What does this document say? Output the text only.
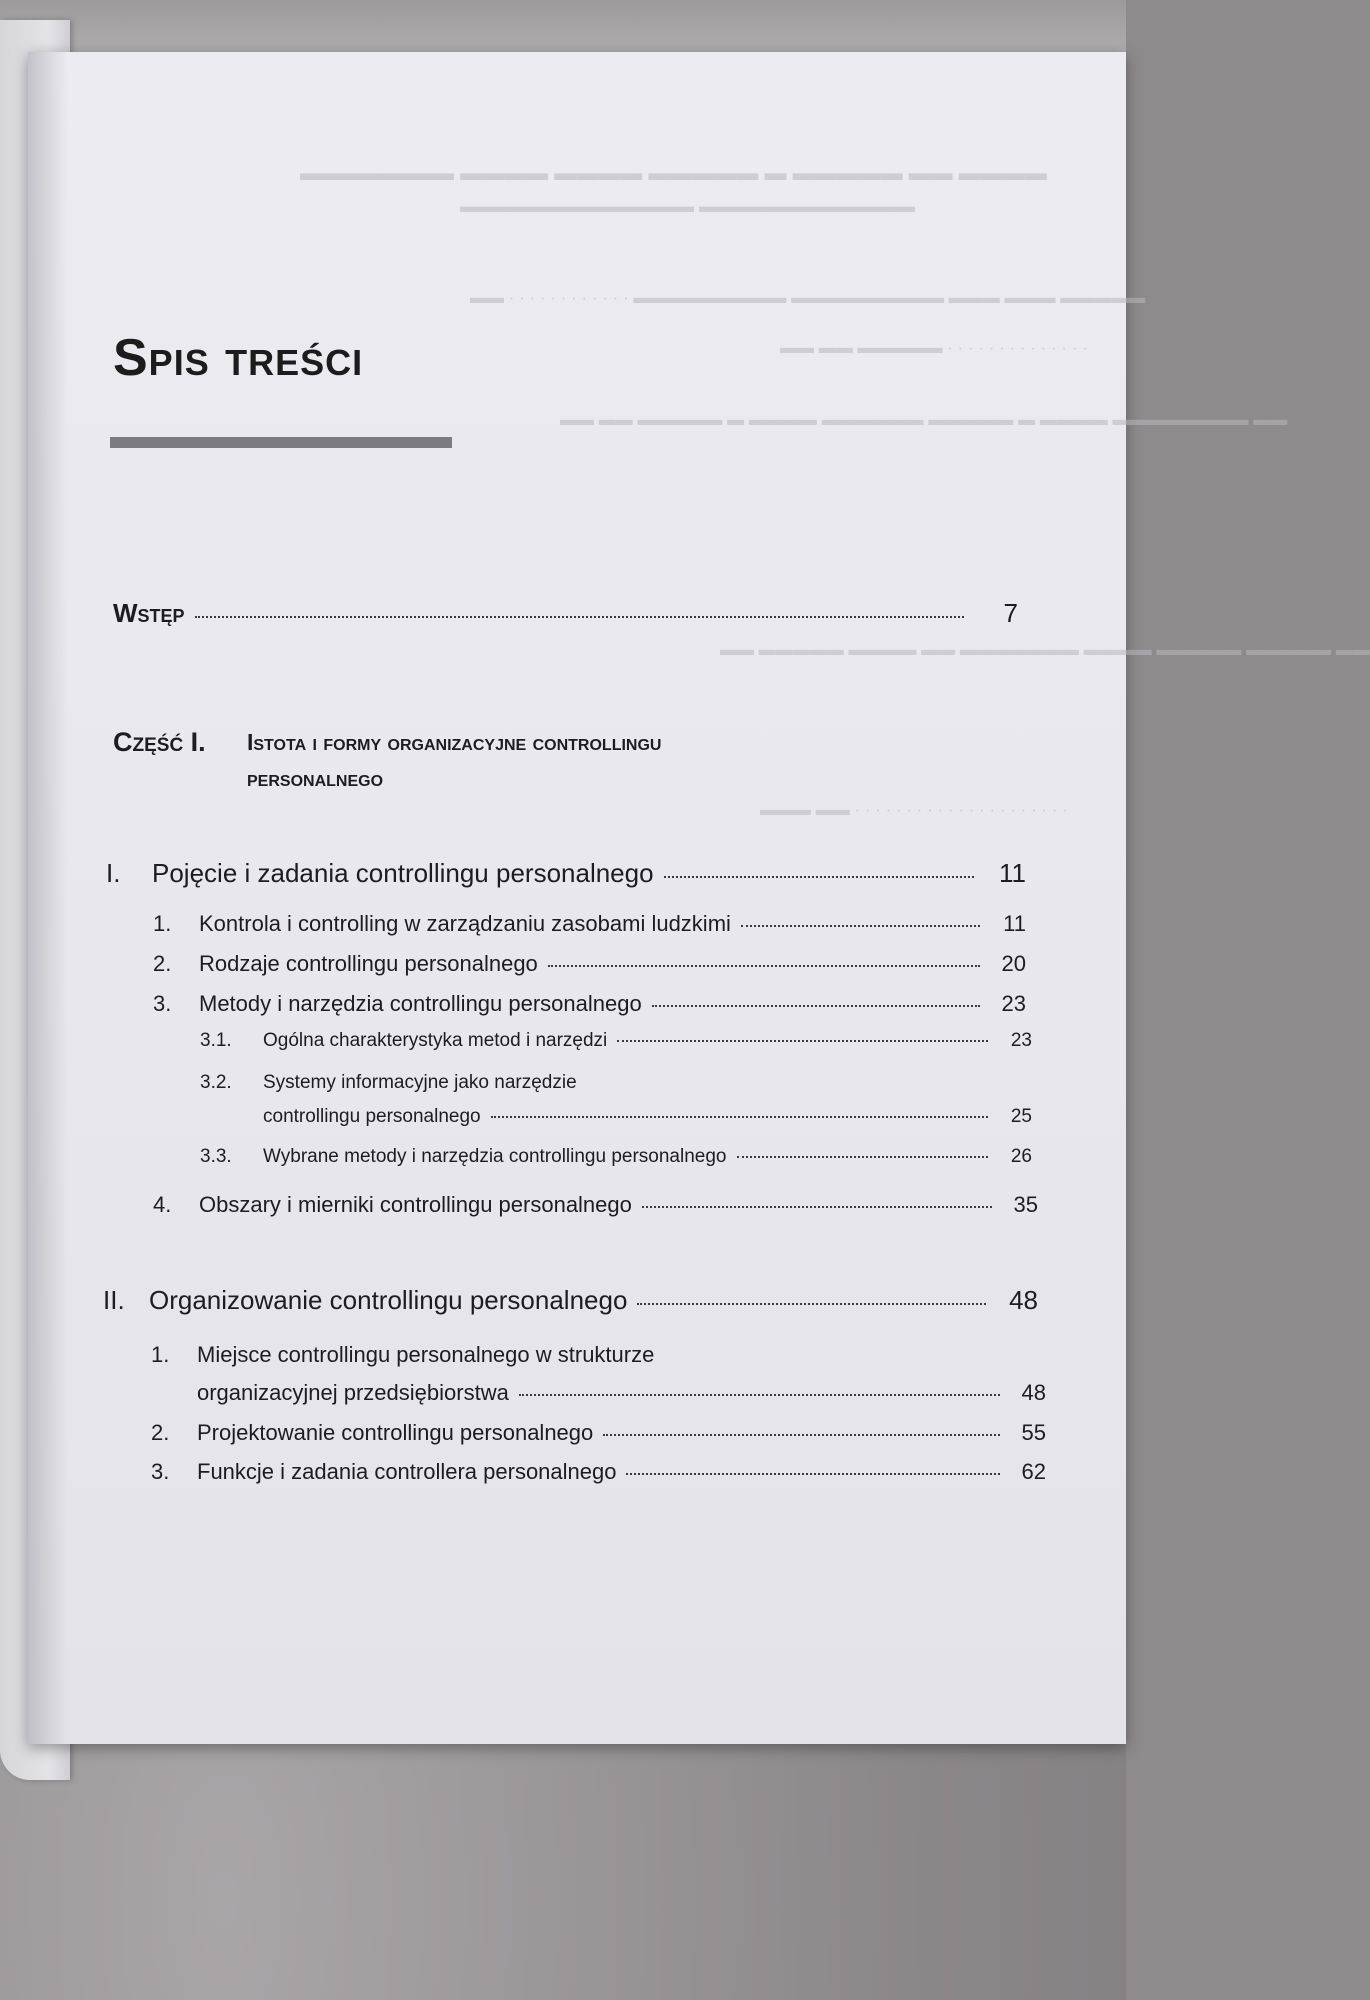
▬▬▬▬ ▬▬ ▬▬▬▬▬ ▬ ▬▬▬▬▬ ▬▬▬▬ ▬▬▬▬ ▬▬▬▬▬▬▬
▬▬▬▬▬▬▬▬▬▬▬▬ ▬▬▬▬▬▬▬▬▬▬▬▬▬
▬▬▬▬▬ ▬▬▬ ▬▬▬ ▬▬▬▬▬▬▬▬▬ ▬▬▬▬▬▬▬▬▬ · · · · · · · · · · · · ▬▬
· · · · · · · · · · · · · · ▬▬▬▬▬ ▬▬ ▬▬
▬▬ ▬▬▬▬▬▬▬▬ ▬▬▬▬ ▬ ▬▬▬▬▬ ▬▬▬▬▬▬ ▬▬▬▬ ▬ ▬▬▬▬▬ ▬▬ ▬▬
▬▬ ▬▬▬▬▬ ▬▬▬▬▬ ▬▬▬▬ ▬▬▬▬▬▬▬ ▬▬ ▬▬▬▬ ▬▬▬▬▬ ▬▬
· · · · · · · · · · · · · · · · · · · · · ▬▬ ▬▬▬
Spis treści
Wstęp	7
Część I. Istota i formy organizacyjne controllingu personalnego
I.	Pojęcie i zadania controllingu personalnego	11
1.	Kontrola i controlling w zarządzaniu zasobami ludzkimi	11
2.	Rodzaje controllingu personalnego	20
3.	Metody i narzędzia controllingu personalnego	23
3.1.	Ogólna charakterystyka metod i narzędzi	23
3.2.	Systemy informacyjne jako narzędzie
controllingu personalnego	25
3.3.	Wybrane metody i narzędzia controllingu personalnego	26
4.	Obszary i mierniki controllingu personalnego	35
II. Organizowanie controllingu personalnego	48
1.	Miejsce controllingu personalnego w strukturze
organizacyjnej przedsiębiorstwa	48
2.	Projektowanie controllingu personalnego	55
3.	Funkcje i zadania controllera personalnego	62
